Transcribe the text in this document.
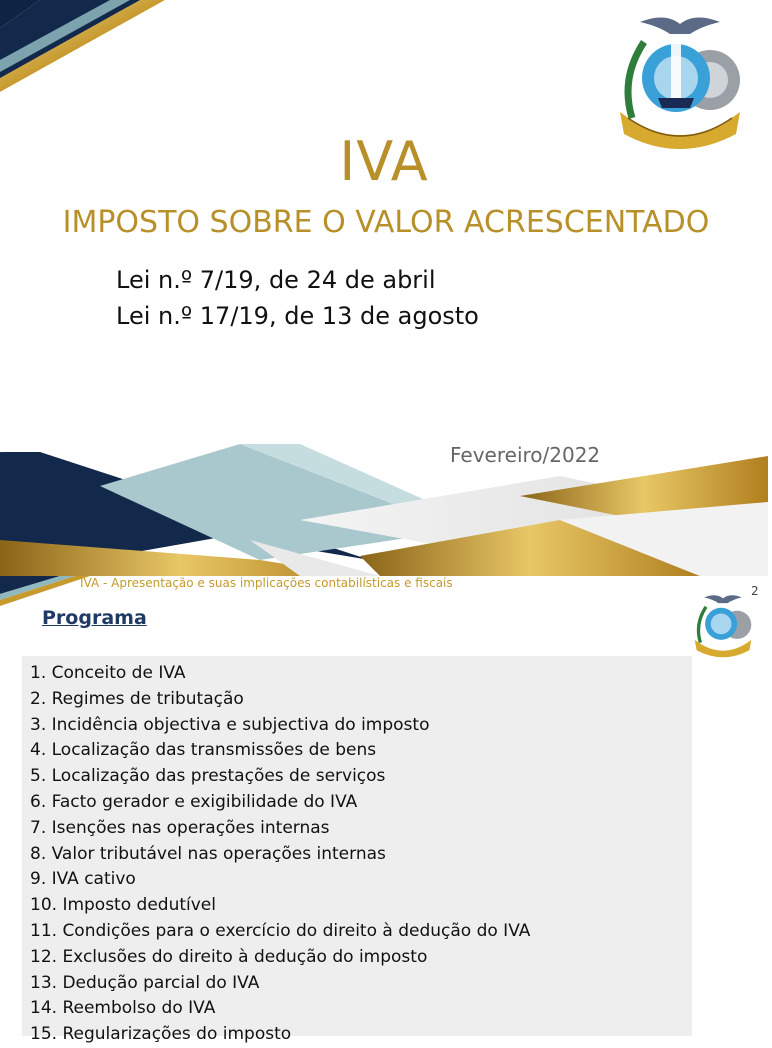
IVA
IMPOSTO SOBRE O VALOR ACRESCENTADO
Lei n.º 7/19, de 24 de abril
Lei n.º 17/19, de 13 de agosto
Fevereiro/2022
IVA - Apresentação e suas implicações contabilísticas e fiscais
2
Programa
1. Conceito de IVA
2. Regimes de tributação
3. Incidência objectiva e subjectiva do imposto
4. Localização das transmissões de bens
5. Localização das prestações de serviços
6. Facto gerador e exigibilidade do IVA
7. Isenções nas operações internas
8. Valor tributável nas operações internas
9. IVA cativo
10. Imposto dedutível
11. Condições para o exercício do direito à dedução do IVA
12. Exclusões do direito à dedução do imposto
13. Dedução parcial do IVA
14. Reembolso do IVA
15. Regularizações do imposto
